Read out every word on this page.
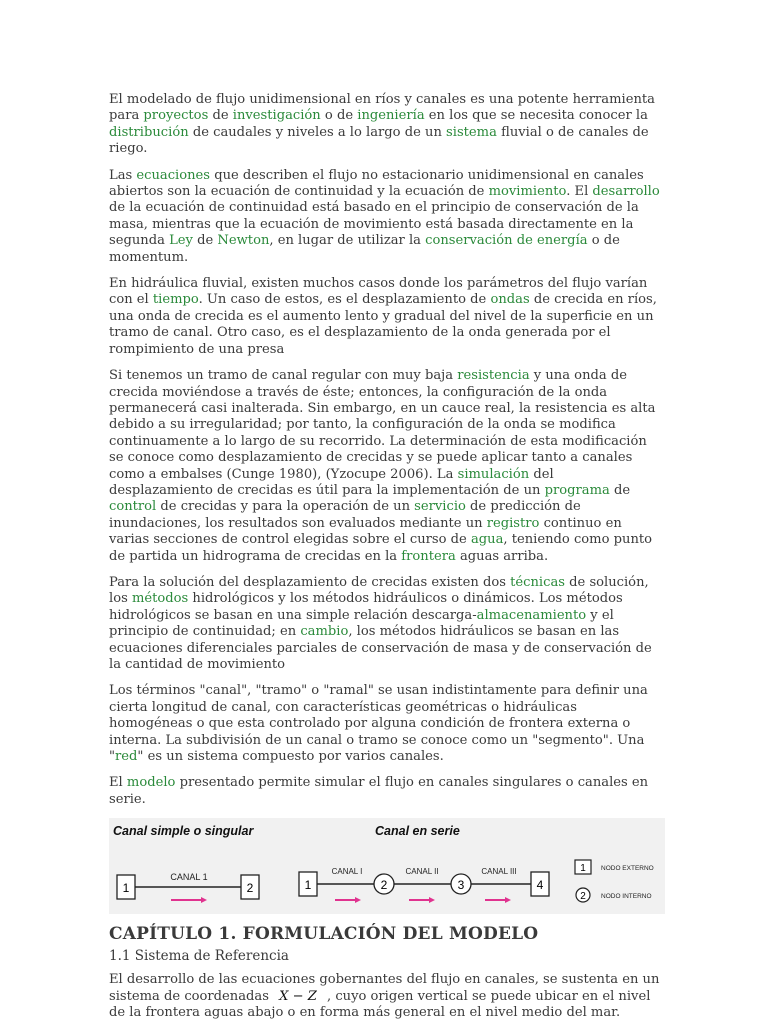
El modelado de flujo unidimensional en ríos y canales es una potente herramienta para proyectos de investigación o de ingeniería en los que se necesita conocer la distribución de caudales y niveles a lo largo de un sistema fluvial o de canales de riego.

Las ecuaciones que describen el flujo no estacionario unidimensional en canales abiertos son la ecuación de continuidad y la ecuación de movimiento. El desarrollo de la ecuación de continuidad está basado en el principio de conservación de la masa, mientras que la ecuación de movimiento está basada directamente en la segunda Ley de Newton, en lugar de utilizar la conservación de energía o de momentum.

En hidráulica fluvial, existen muchos casos donde los parámetros del flujo varían con el tiempo. Un caso de estos, es el desplazamiento de ondas de crecida en ríos, una onda de crecida es el aumento lento y gradual del nivel de la superficie en un tramo de canal. Otro caso, es el desplazamiento de la onda generada por el rompimiento de una presa

Si tenemos un tramo de canal regular con muy baja resistencia y una onda de crecida moviéndose a través de éste; entonces, la configuración de la onda permanecerá casi inalterada. Sin embargo, en un cauce real, la resistencia es alta debido a su irregularidad; por tanto, la configuración de la onda se modifica continuamente a lo largo de su recorrido. La determinación de esta modificación se conoce como desplazamiento de crecidas y se puede aplicar tanto a canales como a embalses (Cunge 1980), (Yzocupe 2006). La simulación del desplazamiento de crecidas es útil para la implementación de un programa de control de crecidas y para la operación de un servicio de predicción de inundaciones, los resultados son evaluados mediante un registro continuo en varias secciones de control elegidas sobre el curso de agua, teniendo como punto de partida un hidrograma de crecidas en la frontera aguas arriba.

Para la solución del desplazamiento de crecidas existen dos técnicas de solución, los métodos hidrológicos y los métodos hidráulicos o dinámicos. Los métodos hidrológicos se basan en una simple relación descarga-almacenamiento y el principio de continuidad; en cambio, los métodos hidráulicos se basan en las ecuaciones diferenciales parciales de conservación de masa y de conservación de la cantidad de movimiento

Los términos "canal", "tramo" o "ramal" se usan indistintamente para definir una cierta longitud de canal, con características geométricas o hidráulicas homogéneas o que esta controlado por alguna condición de frontera externa o interna. La subdivisión de un canal o tramo se conoce como un "segmento". Una "red" es un sistema compuesto por varios canales.

El modelo presentado permite simular el flujo en canales singulares o canales en serie.

Canal simple o singular	Canal en serie
1	2
CANAL 1
1	2	3	4
CANAL I	CANAL II	CANAL III	1 NODO EXTERNO
2 NODO INTERNO
CAPÍTULO 1. FORMULACIÓN DEL MODELO
1.1 Sistema de Referencia

El desarrollo de las ecuaciones gobernantes del flujo en canales, se sustenta en un sistema de coordenadas X − Z , cuyo origen vertical se puede ubicar en el nivel de la frontera aguas abajo o en forma más general en el nivel medio del mar.
